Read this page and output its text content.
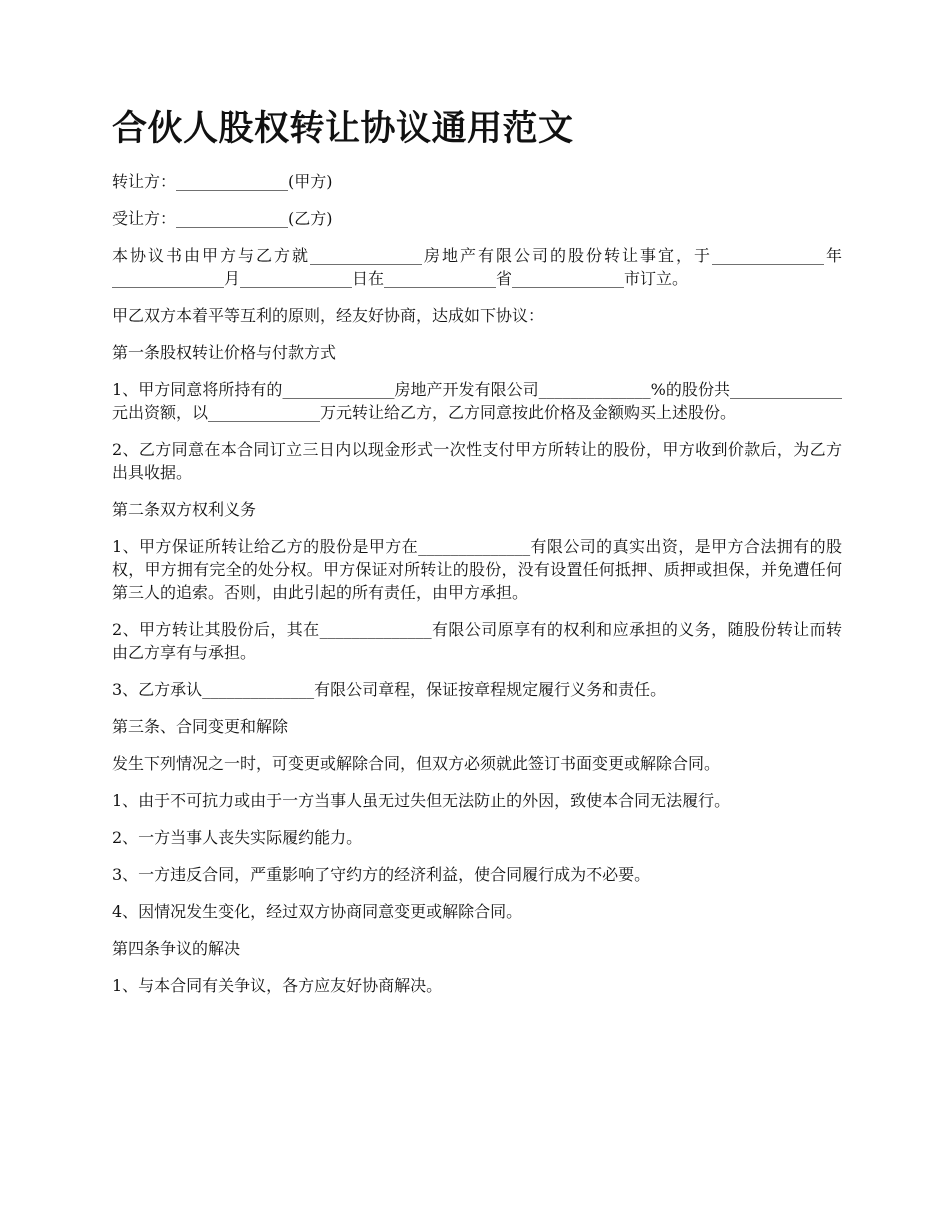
合伙人股权转让协议通用范文

转让方：______________(甲方)

受让方：______________(乙方)

本协议书由甲方与乙方就______________房地产有限公司的股份转让事宜，于______________年______________月______________日在______________省______________市订立。

甲乙双方本着平等互利的原则，经友好协商，达成如下协议：

第一条股权转让价格与付款方式

1、甲方同意将所持有的______________房地产开发有限公司______________%的股份共______________元出资额，以______________万元转让给乙方，乙方同意按此价格及金额购买上述股份。

2、乙方同意在本合同订立三日内以现金形式一次性支付甲方所转让的股份，甲方收到价款后，为乙方出具收据。

第二条双方权利义务

1、甲方保证所转让给乙方的股份是甲方在______________有限公司的真实出资，是甲方合法拥有的股权，甲方拥有完全的处分权。甲方保证对所转让的股份，没有设置任何抵押、质押或担保，并免遭任何第三人的追索。否则，由此引起的所有责任，由甲方承担。

2、甲方转让其股份后，其在______________有限公司原享有的权利和应承担的义务，随股份转让而转由乙方享有与承担。

3、乙方承认______________有限公司章程，保证按章程规定履行义务和责任。

第三条、合同变更和解除

发生下列情况之一时，可变更或解除合同，但双方必须就此签订书面变更或解除合同。

1、由于不可抗力或由于一方当事人虽无过失但无法防止的外因，致使本合同无法履行。

2、一方当事人丧失实际履约能力。

3、一方违反合同，严重影响了守约方的经济利益，使合同履行成为不必要。

4、因情况发生变化，经过双方协商同意变更或解除合同。

第四条争议的解决

1、与本合同有关争议，各方应友好协商解决。
